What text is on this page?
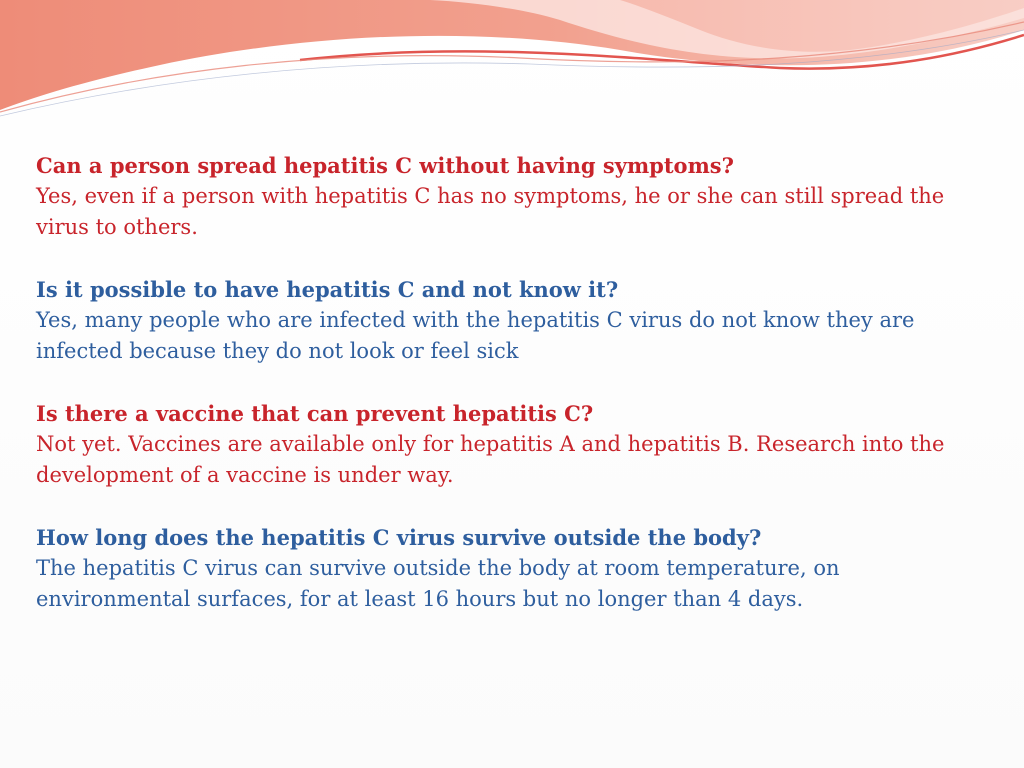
Can a person spread hepatitis C without having symptoms?
Yes, even if a person with hepatitis C has no symptoms, he or she can still spread the virus to others.
Is it possible to have hepatitis C and not know it?
Yes, many people who are infected with the hepatitis C virus do not know they are infected because they do not look or feel sick
Is there a vaccine that can prevent hepatitis C?
Not yet. Vaccines are available only for hepatitis A and hepatitis B. Research into the development of a vaccine is under way.
How long does the hepatitis C virus survive outside the body?
The hepatitis C virus can survive outside the body at room temperature, on environmental surfaces, for at least 16 hours but no longer than 4 days.
